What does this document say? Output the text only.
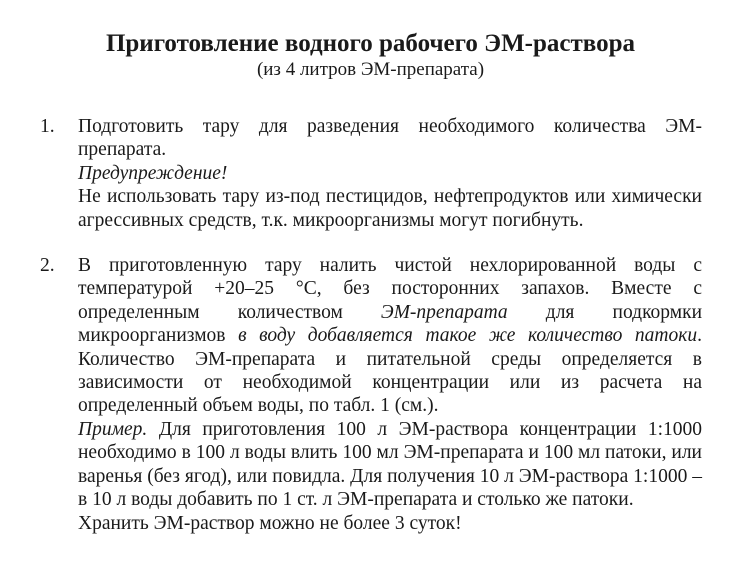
Приготовление водного рабочего ЭМ-раствора

(из 4 литров ЭМ-препарата)

1. Подготовить тару для разведения необходимого количества ЭМ-препарата.

Предупреждение!

Не использовать тару из-под пестицидов, нефтепродуктов или химически агрессивных средств, т.к. микроорганизмы могут погибнуть.

2. В приготовленную тару налить чистой нехлорированной воды с температурой +20–25 °С, без посторонних запахов. Вместе с определенным количеством ЭМ-препарата для подкормки микроорганизмов в воду добавляется такое же количество патоки. Количество ЭМ-препарата и питательной среды определяется в зависимости от необходимой концентрации или из расчета на определенный объем воды, по табл. 1 (см.).

Пример. Для приготовления 100 л ЭМ-раствора концентрации 1:1000 необходимо в 100 л воды влить 100 мл ЭМ-препарата и 100 мл патоки, или варенья (без ягод), или повидла. Для получения 10 л ЭМ-раствора 1:1000 – в 10 л воды добавить по 1 ст. л ЭМ-препарата и столько же патоки.

Хранить ЭМ-раствор можно не более 3 суток!
